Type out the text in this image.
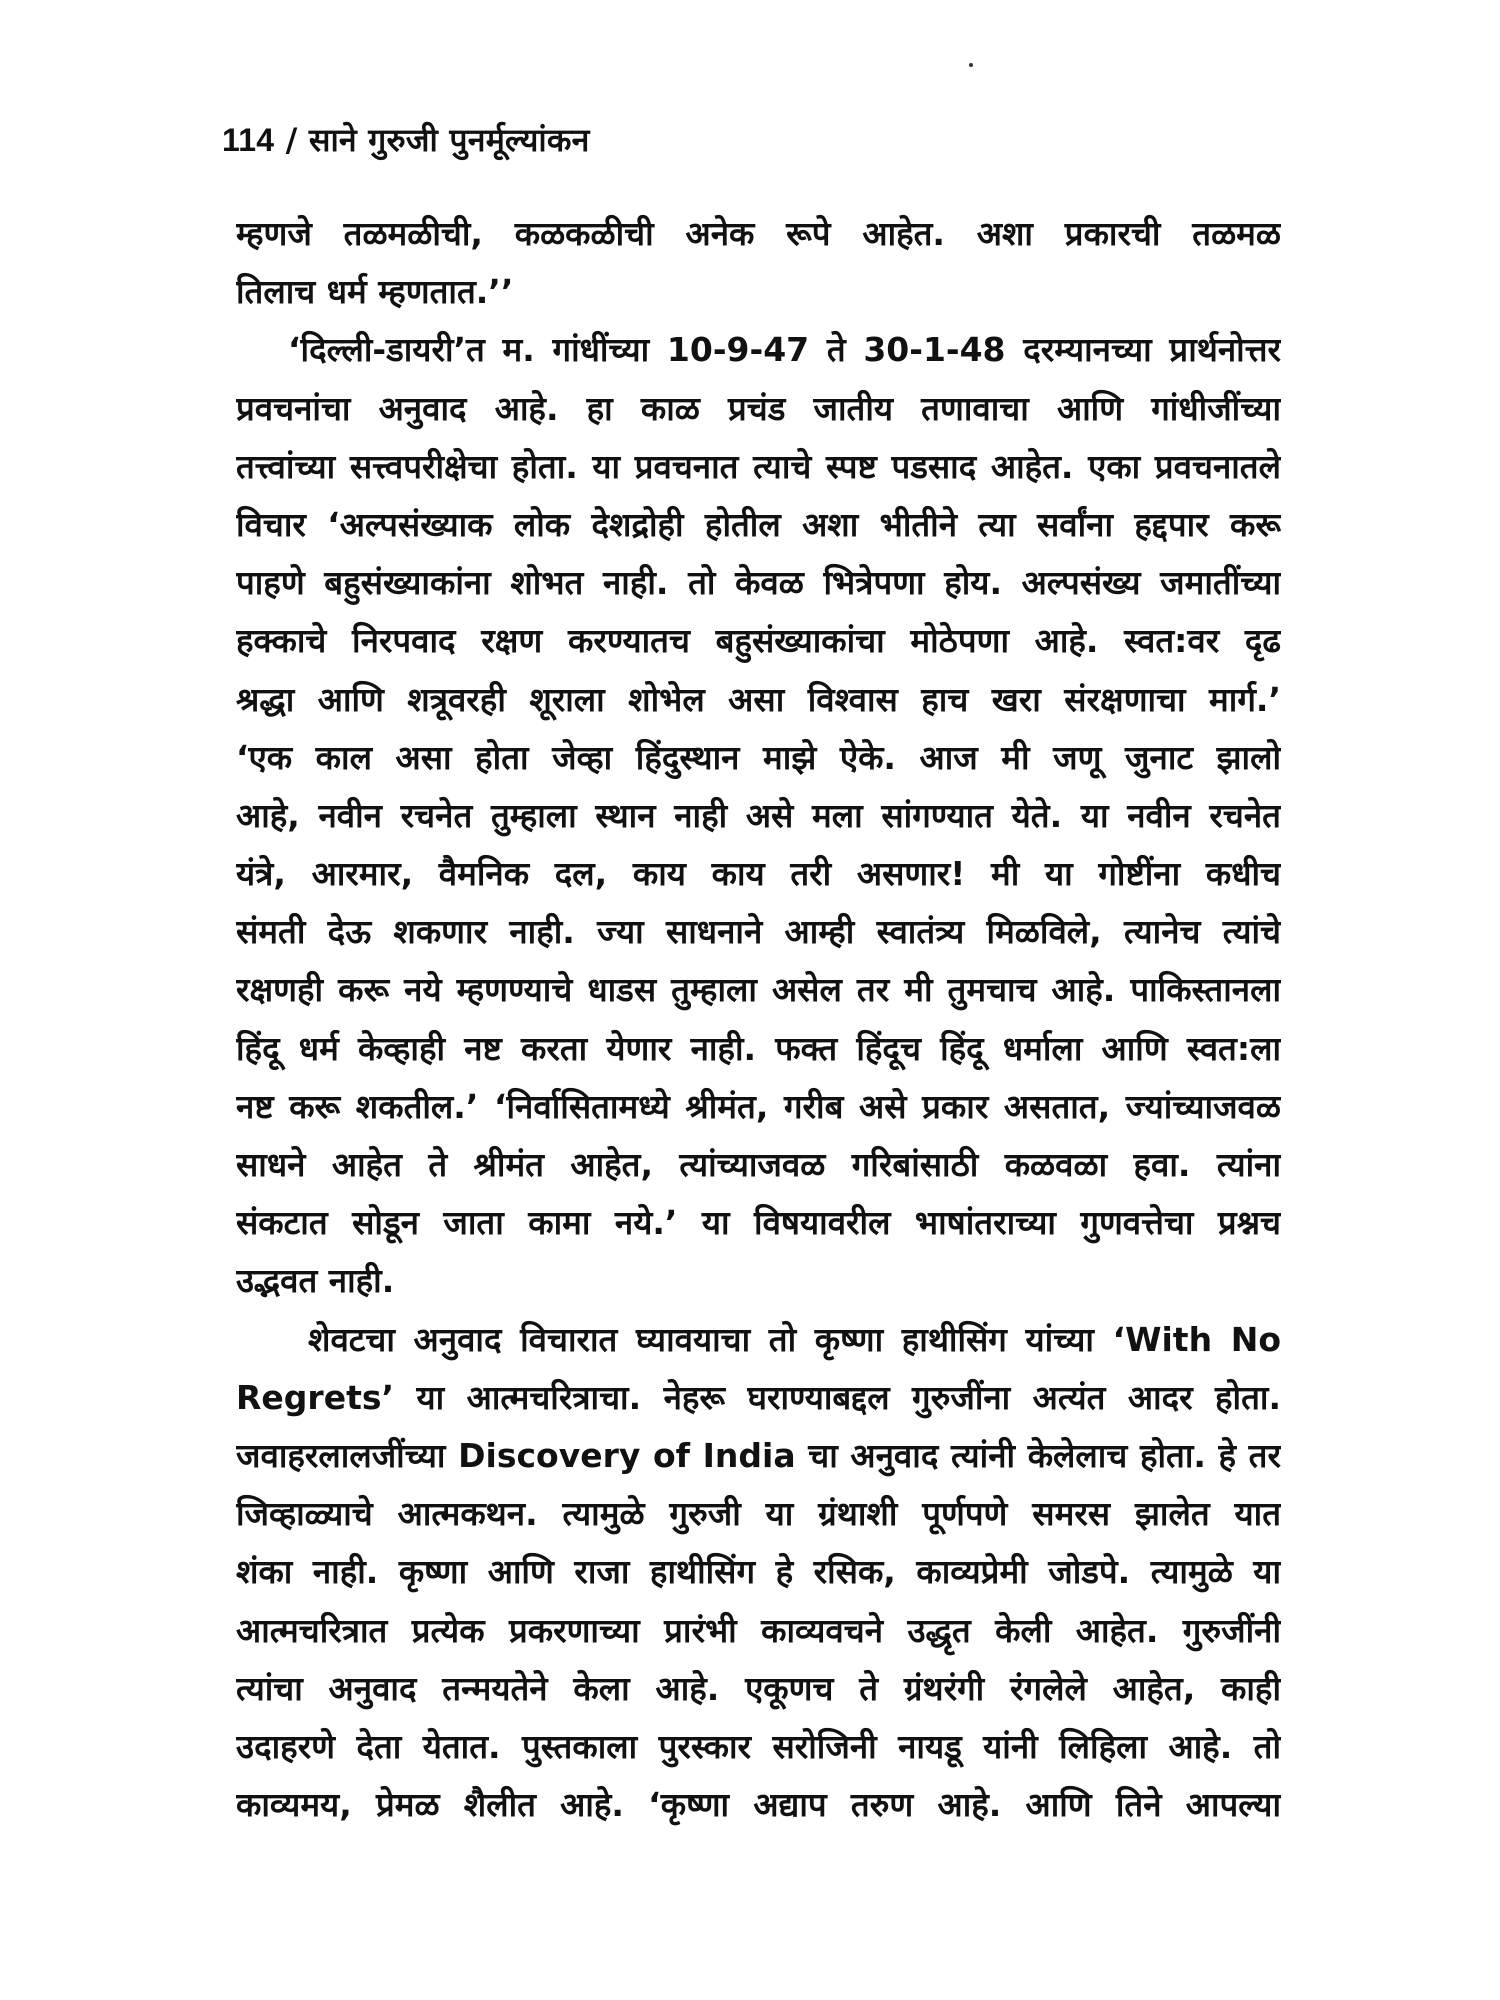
114 / साने गुरुजी पुनर्मूल्यांकन
म्हणजे तळमळीची, कळकळीची अनेक रूपे आहेत. अशा प्रकारची तळमळ
तिलाच धर्म म्हणतात.’’
‘दिल्ली-डायरी’त म. गांधींच्या 10-9-47 ते 30-1-48 दरम्यानच्या प्रार्थनोत्तर
प्रवचनांचा अनुवाद आहे. हा काळ प्रचंड जातीय तणावाचा आणि गांधीजींच्या
तत्त्वांच्या सत्त्वपरीक्षेचा होता. या प्रवचनात त्याचे स्पष्ट पडसाद आहेत. एका प्रवचनातले
विचार ‘अल्पसंख्याक लोक देशद्रोही होतील अशा भीतीने त्या सर्वांना हद्दपार करू
पाहणे बहुसंख्याकांना शोभत नाही. तो केवळ भित्रेपणा होय. अल्पसंख्य जमातींच्या
हक्काचे निरपवाद रक्षण करण्यातच बहुसंख्याकांचा मोठेपणा आहे. स्वत:वर दृढ
श्रद्धा आणि शत्रूवरही शूराला शोभेल असा विश्वास हाच खरा संरक्षणाचा मार्ग.’
‘एक काल असा होता जेव्हा हिंदुस्थान माझे ऐके. आज मी जणू जुनाट झालो
आहे, नवीन रचनेत तुम्हाला स्थान नाही असे मला सांगण्यात येते. या नवीन रचनेत
यंत्रे, आरमार, वैमनिक दल, काय काय तरी असणार! मी या गोष्टींना कधीच
संमती देऊ शकणार नाही. ज्या साधनाने आम्ही स्वातंत्र्य मिळविले, त्यानेच त्यांचे
रक्षणही करू नये म्हणण्याचे धाडस तुम्हाला असेल तर मी तुमचाच आहे. पाकिस्तानला
हिंदू धर्म केव्हाही नष्ट करता येणार नाही. फक्त हिंदूच हिंदू धर्माला आणि स्वत:ला
नष्ट करू शकतील.’ ‘निर्वासितामध्ये श्रीमंत, गरीब असे प्रकार असतात, ज्यांच्याजवळ
साधने आहेत ते श्रीमंत आहेत, त्यांच्याजवळ गरिबांसाठी कळवळा हवा. त्यांना
संकटात सोडून जाता कामा नये.’ या विषयावरील भाषांतराच्या गुणवत्तेचा प्रश्नच
उद्भवत नाही.
शेवटचा अनुवाद विचारात घ्यावयाचा तो कृष्णा हाथीसिंग यांच्या ‘With No
Regrets’ या आत्मचरित्राचा. नेहरू घराण्याबद्दल गुरुजींना अत्यंत आदर होता.
जवाहरलालजींच्या Discovery of India चा अनुवाद त्यांनी केलेलाच होता. हे तर
जिव्हाळ्याचे आत्मकथन. त्यामुळे गुरुजी या ग्रंथाशी पूर्णपणे समरस झालेत यात
शंका नाही. कृष्णा आणि राजा हाथीसिंग हे रसिक, काव्यप्रेमी जोडपे. त्यामुळे या
आत्मचरित्रात प्रत्येक प्रकरणाच्या प्रारंभी काव्यवचने उद्धृत केली आहेत. गुरुजींनी
त्यांचा अनुवाद तन्मयतेने केला आहे. एकूणच ते ग्रंथरंगी रंगलेले आहेत, काही
उदाहरणे देता येतात. पुस्तकाला पुरस्कार सरोजिनी नायडू यांनी लिहिला आहे. तो
काव्यमय, प्रेमळ शैलीत आहे. ‘कृष्णा अद्याप तरुण आहे. आणि तिने आपल्या
